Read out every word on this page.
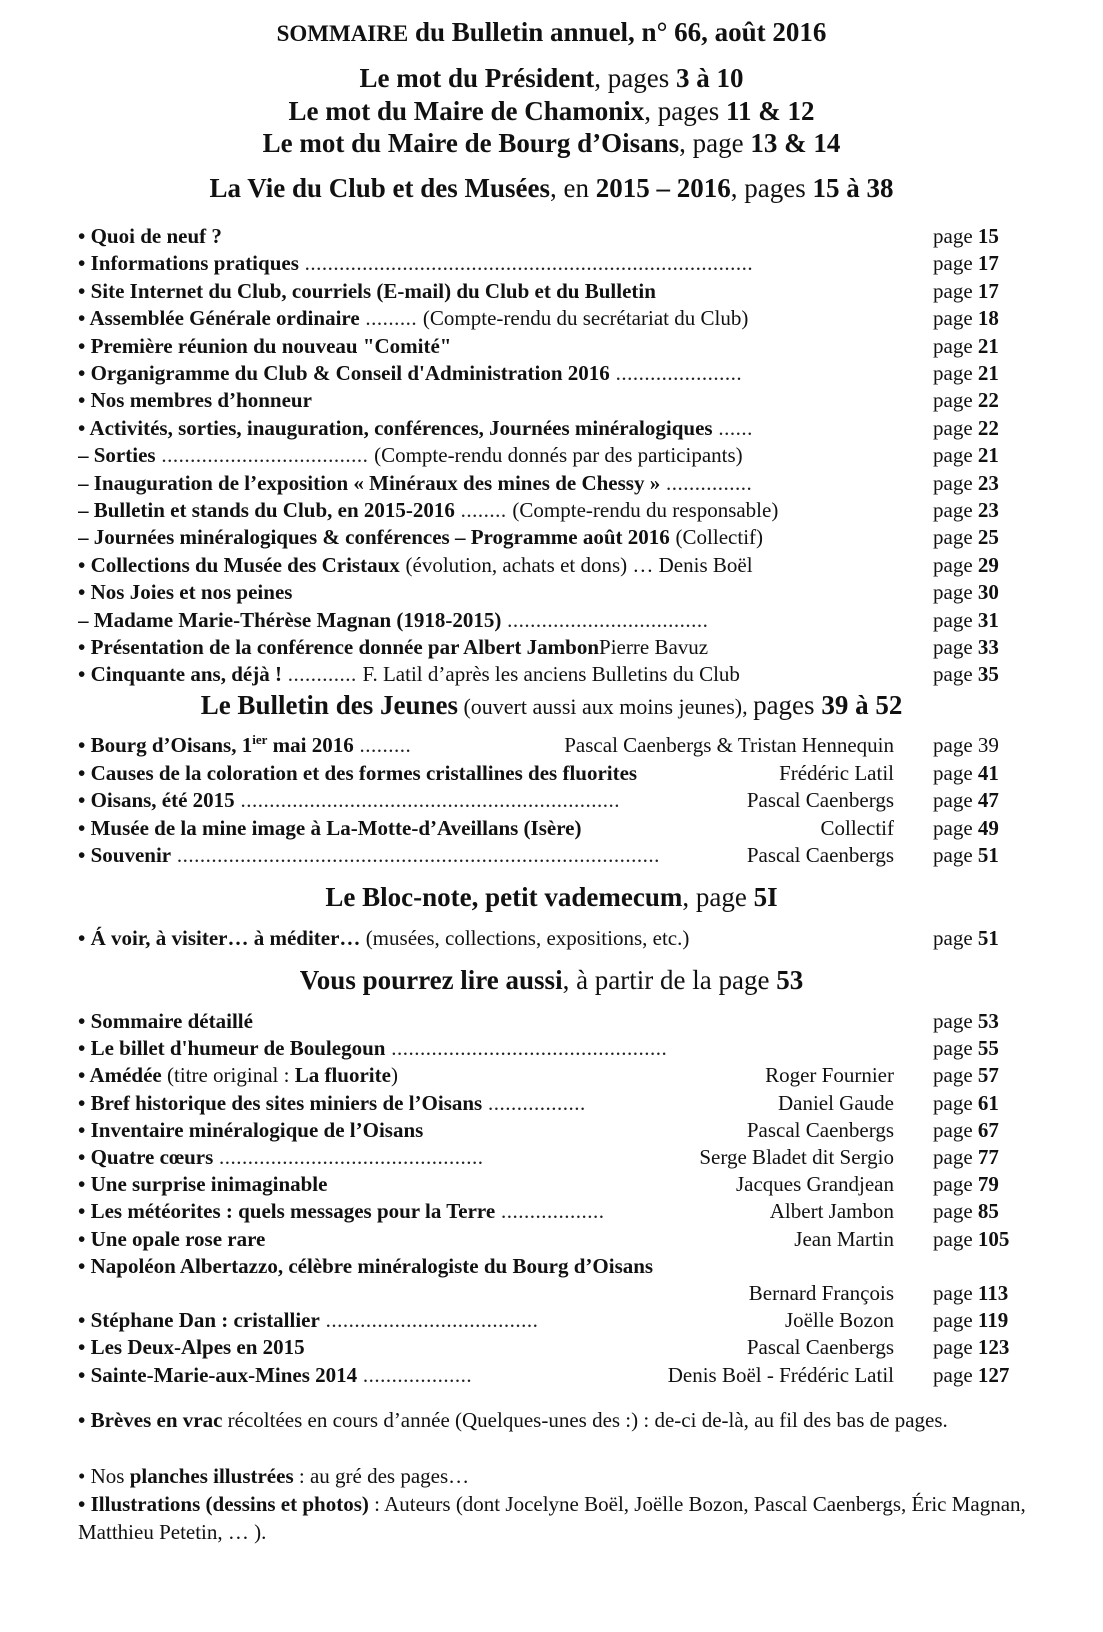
SOMMAIRE du Bulletin annuel, n° 66, août 2016
Le mot du Président, pages 3 à 10
Le mot du Maire de Chamonix, pages 11 & 12
Le mot du Maire de Bourg d’Oisans, page 13 & 14
La Vie du Club et des Musées, en 2015 – 2016, pages 15 à 38
• Quoi de neuf ?	page 15
• Informations pratiques ..............................................................................	page 17
• Site Internet du Club, courriels (E-mail) du Club et du Bulletin	page 17
• Assemblée Générale ordinaire ......... (Compte-rendu du secrétariat du Club)	page 18
• Première réunion du nouveau "Comité"	page 21
• Organigramme du Club & Conseil d'Administration 2016 ......................	page 21
• Nos membres d’honneur	page 22
• Activités, sorties, inauguration, conférences, Journées minéralogiques ......	page 22
– Sorties .................................... (Compte-rendu donnés par des participants)	page 21
– Inauguration de l’exposition « Minéraux des mines de Chessy » ...............	page 23
– Bulletin et stands du Club, en 2015-2016 ........ (Compte-rendu du responsable)	page 23
– Journées minéralogiques & conférences – Programme août 2016 (Collectif)	page 25
• Collections du Musée des Cristaux (évolution, achats et dons) … Denis Boël	page 29
• Nos Joies et nos peines	page 30
– Madame Marie-Thérèse Magnan (1918-2015) ...................................	page 31
• Présentation de la conférence donnée par Albert JambonPierre Bavuz	page 33
• Cinquante ans, déjà ! ............ F. Latil d’après les anciens Bulletins du Club	page 35
Le Bulletin des Jeunes (ouvert aussi aux moins jeunes), pages 39 à 52
• Bourg d’Oisans, $1^{ier}$ mai 2016 .........	Pascal Caenbergs & Tristan Hennequin page 39
• Causes de la coloration et des formes cristallines des fluorites	Frédéric Latil page 41
• Oisans, été 2015 ..................................................................	Pascal Caenbergs page 47
• Musée de la mine image à La-Motte-d’Aveillans (Isère)	Collectif page 49
• Souvenir ....................................................................................	Pascal Caenbergs page 51
Le Bloc-note, petit vademecum, page 5I
• Á voir, à visiter… à méditer… (musées, collections, expositions, etc.)	page 51
Vous pourrez lire aussi, à partir de la page 53
• Sommaire détaillé	page 53
• Le billet d'humeur de Boulegoun ................................................	page 55
• Amédée (titre original : La fluorite)	Roger Fournier page 57
• Bref historique des sites miniers de l’Oisans .................	Daniel Gaude page 61
• Inventaire minéralogique de l’Oisans	Pascal Caenbergs page 67
• Quatre cœurs ..............................................	Serge Bladet dit Sergio page 77
• Une surprise inimaginable	Jacques Grandjean page 79
• Les météorites : quels messages pour la Terre ..................	Albert Jambon page 85
• Une opale rose rare	Jean Martin page 105
• Napoléon Albertazzo, célèbre minéralogiste du Bourg d’Oisans
Bernard François page 113
• Stéphane Dan : cristallier .....................................	Joëlle Bozon page 119
• Les Deux-Alpes en 2015	Pascal Caenbergs page 123
• Sainte-Marie-aux-Mines 2014 ...................	Denis Boël - Frédéric Latil page 127
• Brèves en vrac récoltées en cours d’année (Quelques-unes des :) : de-ci de-là, au fil des bas de pages.
• Nos planches illustrées : au gré des pages…
• Illustrations (dessins et photos) : Auteurs (dont Jocelyne Boël, Joëlle Bozon, Pascal Caenbergs, Éric Magnan, Matthieu Petetin, … ).
